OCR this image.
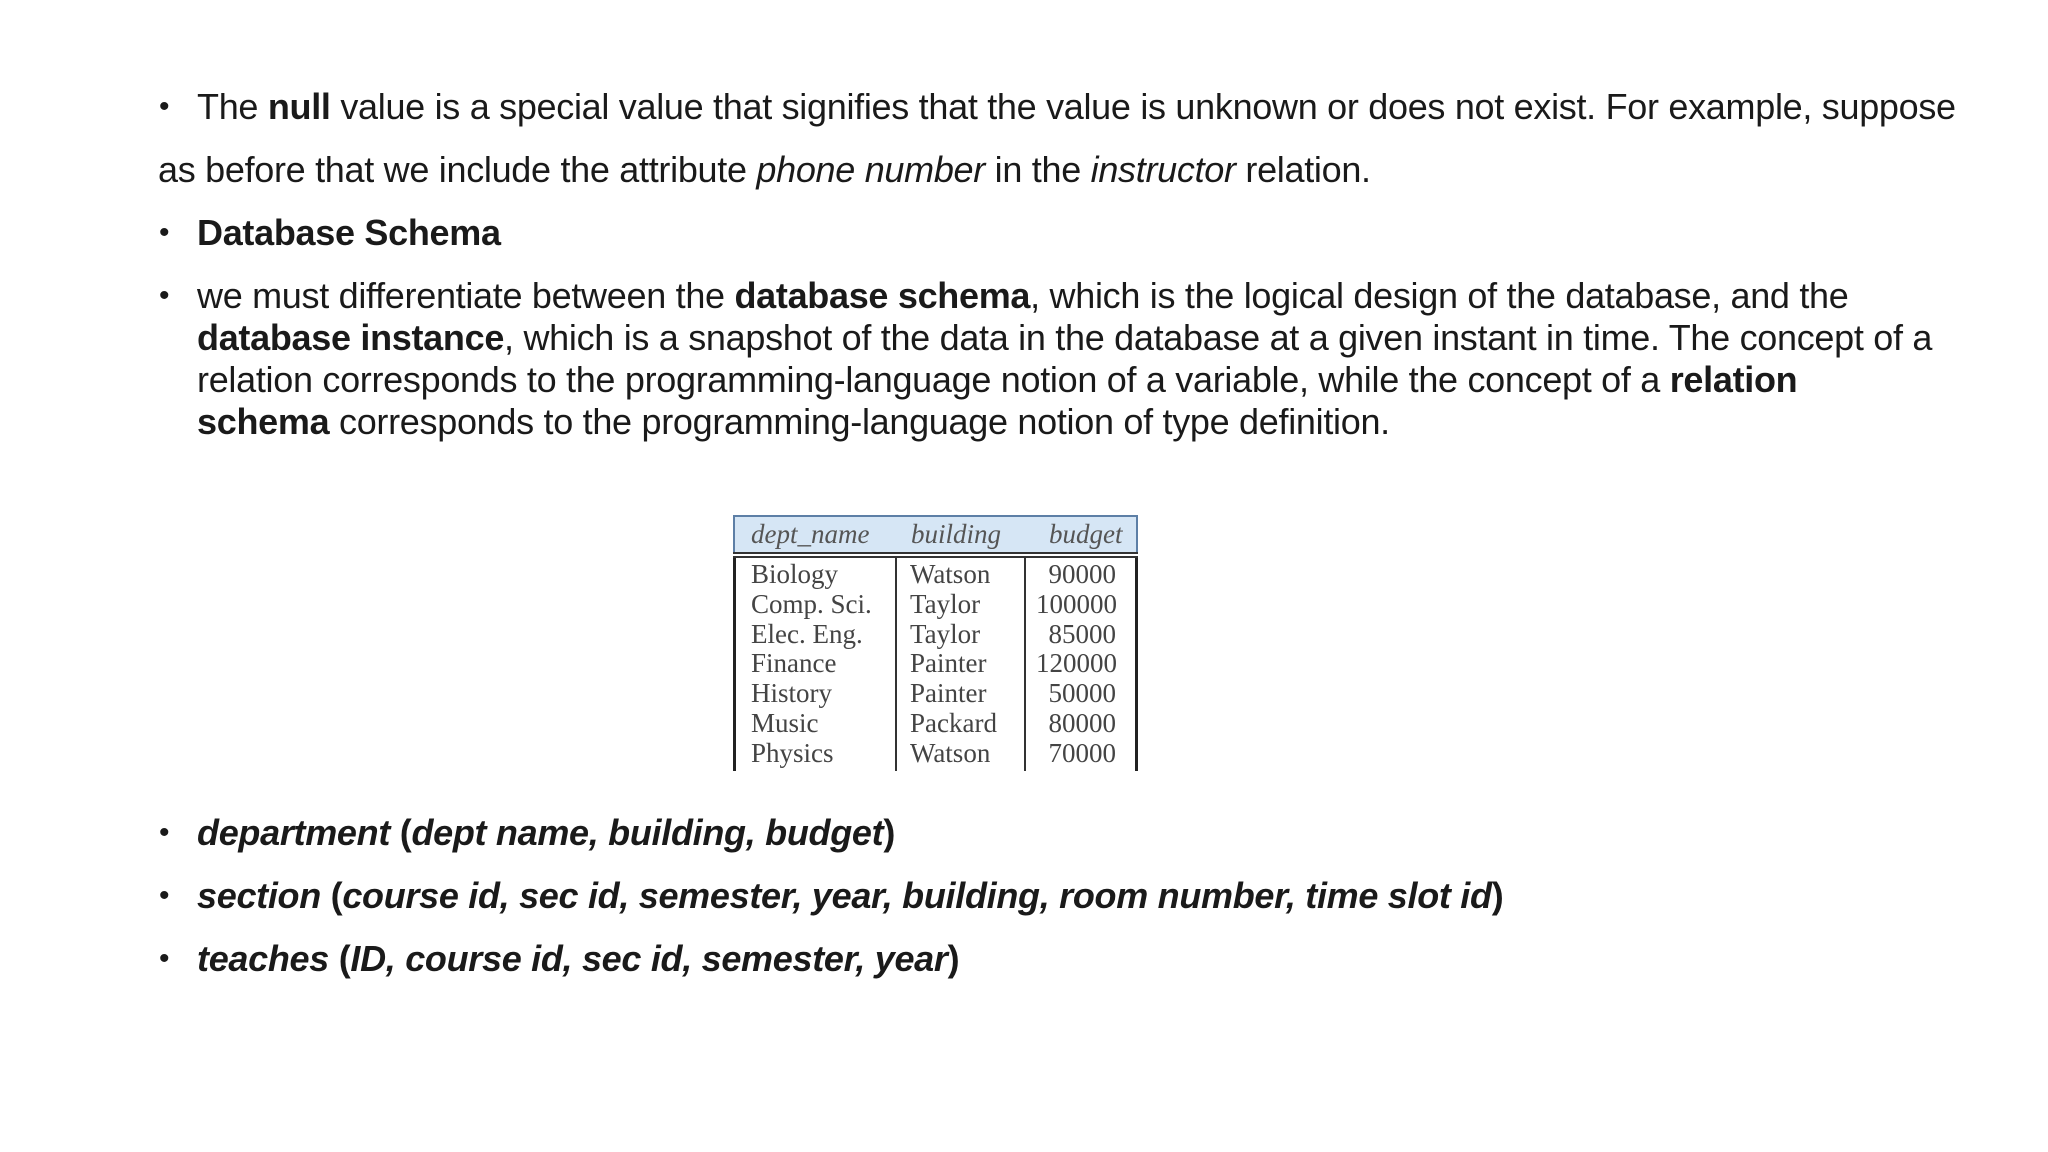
• The null value is a special value that signifies that the value is unknown or does not exist. For example, suppose
as before that we include the attribute phone number in the instructor relation.
• Database Schema
• we must differentiate between the database schema, which is the logical design of the database, and the database instance, which is a snapshot of the data in the database at a given instant in time. The concept of a relation corresponds to the programming-language notion of a variable, while the concept of a relation schema corresponds to the programming-language notion of type definition.
dept_name building budget
Biology	Watson	90000
Comp. Sci. Taylor 100000
Elec. Eng. Taylor	85000
Finance	Painter 120000
History	Painter	50000
Music	Packard	80000
Physics	Watson	70000
• department (dept name, building, budget)
• section (course id, sec id, semester, year, building, room number, time slot id)
• teaches (ID, course id, sec id, semester, year)
